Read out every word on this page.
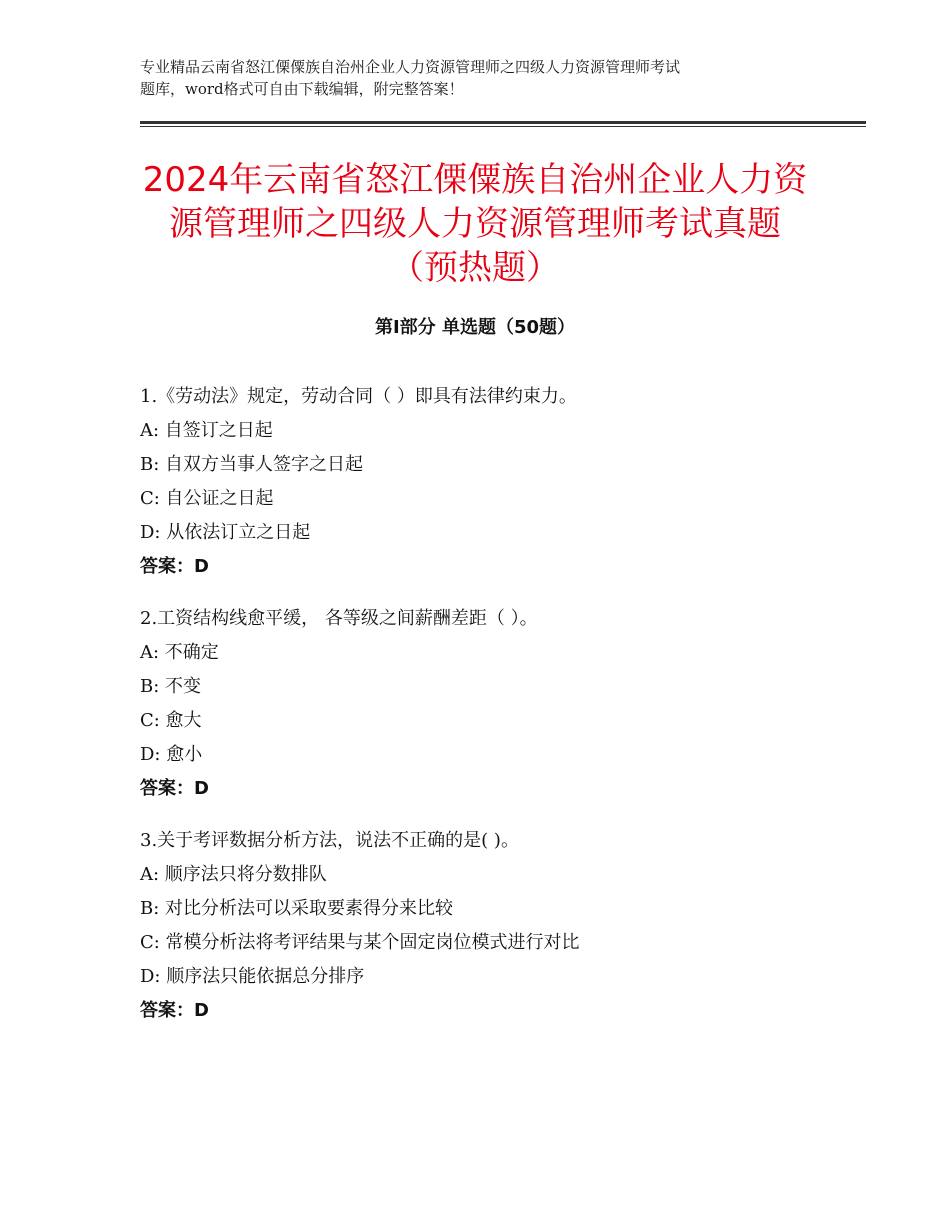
专业精品云南省怒江傈僳族自治州企业人力资源管理师之四级人力资源管理师考试
题库，word格式可自由下载编辑，附完整答案！
2024年云南省怒江傈僳族自治州企业人力资
源管理师之四级人力资源管理师考试真题
（预热题）
第Ⅰ部分 单选题（50题）
1.《劳动法》规定，劳动合同（ ）即具有法律约束力。
A: 自签订之日起
B: 自双方当事人签字之日起
C: 自公证之日起
D: 从依法订立之日起
答案：D
2.工资结构线愈平缓， 各等级之间薪酬差距（ ）。
A: 不确定
B: 不变
C: 愈大
D: 愈小
答案：D
3.关于考评数据分析方法，说法不正确的是( )。
A: 顺序法只将分数排队
B: 对比分析法可以采取要素得分来比较
C: 常模分析法将考评结果与某个固定岗位模式进行对比
D: 顺序法只能依据总分排序
答案：D
